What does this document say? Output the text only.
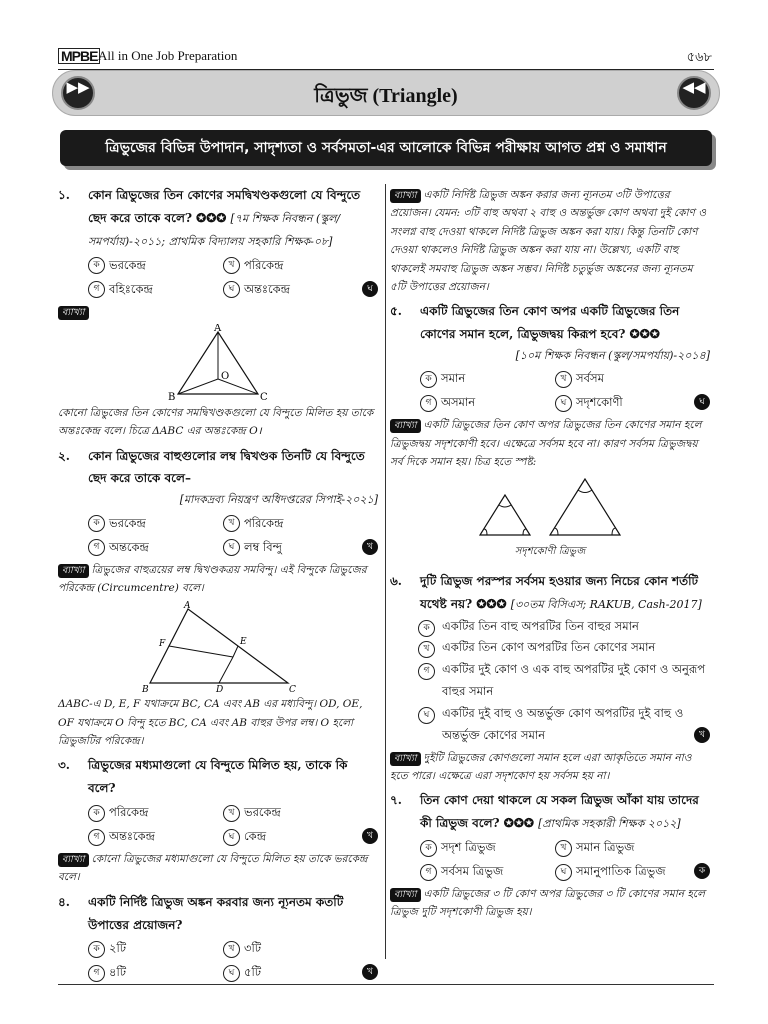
MPBE All in One Job Preparation	৫৬৮
▶▶	ত্রিভুজ (Triangle)	◀◀
ত্রিভুজের বিভিন্ন উপাদান, সাদৃশ্যতা ও সর্বসমতা-এর আলোকে বিভিন্ন পরীক্ষায় আগত প্রশ্ন ও সমাধান
১. কোন ত্রিভুজের তিন কোণের সমদ্বিখণ্ডকগুলো যে বিন্দুতে ছেদ করে তাকে বলে? ✪✪✪ [৭ম শিক্ষক নিবন্ধন (স্কুল/সমপর্যায়)-২০১১; প্রাথমিক বিদ্যালয় সহকারি শিক্ষক-০৮]
ক ভরকেন্দ্র	খ পরিকেন্দ্র
গ বহিঃকেন্দ্র	ঘ অন্তঃকেন্দ্র	ঘ
ব্যাখ্যা
A
B	C
O
কোনো ত্রিভুজের তিন কোণের সমদ্বিখণ্ডকগুলো যে বিন্দুতে মিলিত হয় তাকে অন্তঃকেন্দ্র বলে। চিত্রে ΔABC এর অন্তঃকেন্দ্র O।
২. কোন ত্রিভুজের বাহুগুলোর লম্ব দ্বিখণ্ডক তিনটি যে বিন্দুতে ছেদ করে তাকে বলে–
[মাদকদ্রব্য নিয়ন্ত্রণ অধিদপ্তরের সিপাই-২০২১]
ক ভরকেন্দ্র	খ পরিকেন্দ্র
গ অন্তকেন্দ্র	ঘ লম্ব বিন্দু	খ
ব্যাখ্যা ত্রিভুজের বাহুত্রয়ের লম্ব দ্বিখণ্ডকত্রয় সমবিন্দু। এই বিন্দুকে ত্রিভুজের পরিকেন্দ্র (Circumcentre) বলে।
A
B	C
D
E
F
ΔABC-এ D, E, F যথাক্রমে BC, CA এবং AB এর মধ্যবিন্দু। OD, OE, OF যথাক্রমে O বিন্দু হতে BC, CA এবং AB বাহুর উপর লম্ব। O হলো ত্রিভুজটির পরিকেন্দ্র।
৩. ত্রিভুজের মধ্যমাগুলো যে বিন্দুতে মিলিত হয়, তাকে কি বলে?
ক পরিকেন্দ্র	খ ভরকেন্দ্র
গ অন্তঃকেন্দ্র	ঘ কেন্দ্র	খ
ব্যাখ্যা কোনো ত্রিভুজের মধ্যমাগুলো যে বিন্দুতে মিলিত হয় তাকে ভরকেন্দ্র বলে।
৪. একটি নির্দিষ্ট ত্রিভুজ অঙ্কন করবার জন্য ন্যূনতম কতটি উপাত্তের প্রয়োজন?
ক ২টি	খ ৩টি
গ ৪টি	ঘ ৫টি	খ
ব্যাখ্যা একটি নির্দিষ্ট ত্রিভুজ অঙ্কন করার জন্য ন্যূনতম ৩টি উপাত্তের প্রয়োজন। যেমন: ৩টি বাহু অথবা ২ বাহু ও অন্তর্ভুক্ত কোণ অথবা দুই কোণ ও সংলগ্ন বাহু দেওয়া থাকলে নির্দিষ্ট ত্রিভুজ অঙ্কন করা যায়। কিন্তু তিনটি কোণ দেওয়া থাকলেও নির্দিষ্ট ত্রিভুজ অঙ্কন করা যায় না। উল্লেখ্য, একটি বাহু থাকলেই সমবাহু ত্রিভুজ অঙ্কন সম্ভব। নির্দিষ্ট চতুর্ভুজ অঙ্কনের জন্য ন্যূনতম ৫টি উপাত্তের প্রয়োজন।
৫. একটি ত্রিভুজের তিন কোণ অপর একটি ত্রিভুজের তিন কোণের সমান হলে, ত্রিভুজদ্বয় কিরূপ হবে? ✪✪✪
[১০ম শিক্ষক নিবন্ধন (স্কুল/সমপর্যায়)-২০১৪]
ক সমান	খ সর্বসম
গ অসমান	ঘ সদৃশকোণী	ঘ
ব্যাখ্যা একটি ত্রিভুজের তিন কোণ অপর ত্রিভুজের তিন কোণের সমান হলে ত্রিভুজদ্বয় সদৃশকোণী হবে। এক্ষেত্রে সর্বসম হবে না। কারণ সর্বসম ত্রিভুজদ্বয় সর্ব দিকে সমান হয়। চিত্র হতে স্পষ্ট:
সদৃশকোণী ত্রিভুজ
৬. দুটি ত্রিভুজ পরস্পর সর্বসম হওয়ার জন্য নিচের কোন শর্তটি যথেষ্ট নয়? ✪✪✪ [৩০তম বিসিএস; RAKUB, Cash-2017]
ক	একটির তিন বাহু অপরটির তিন বাহুর সমান
খ	একটির তিন কোণ অপরটির তিন কোণের সমান
গ	একটির দুই কোণ ও এক বাহু অপরটির দুই কোণ ও অনুরূপ বাহুর সমান
ঘ	একটির দুই বাহু ও অন্তর্ভুক্ত কোণ অপরটির দুই বাহু ও অন্তর্ভুক্ত কোণের সমান	খ
ব্যাখ্যা দুইটি ত্রিভুজের কোণগুলো সমান হলে এরা আকৃতিতে সমান নাও হতে পারে। এক্ষেত্রে এরা সদৃশকোণ হয় সর্বসম হয় না।
৭. তিন কোণ দেয়া থাকলে যে সকল ত্রিভুজ আঁকা যায় তাদের কী ত্রিভুজ বলে? ✪✪✪ [প্রাথমিক সহকারী শিক্ষক ২০১২]
ক সদৃশ ত্রিভুজ	খ সমান ত্রিভুজ
গ সর্বসম ত্রিভুজ	ঘ সমানুপাতিক ত্রিভুজ	ক
ব্যাখ্যা একটি ত্রিভুজের ৩ টি কোণ অপর ত্রিভুজের ৩ টি কোণের সমান হলে ত্রিভুজ দুটি সদৃশকোণী ত্রিভুজ হয়।
